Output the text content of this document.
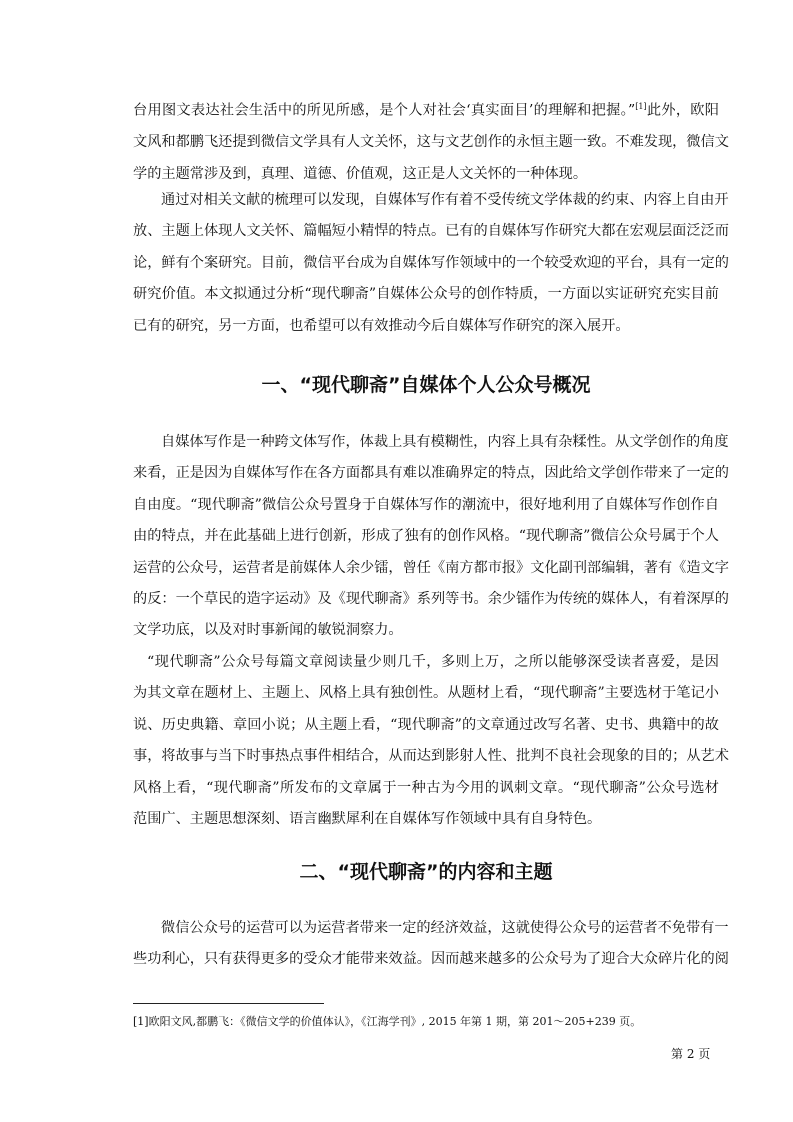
台用图文表达社会生活中的所见所感，是个人对社会‘真实面目’的理解和把握。”[1]此外，欧阳
文风和都鹏飞还提到微信文学具有人文关怀，这与文艺创作的永恒主题一致。不难发现，微信文
学的主题常涉及到，真理、道德、价值观，这正是人文关怀的一种体现。
通过对相关文献的梳理可以发现，自媒体写作有着不受传统文学体裁的约束、内容上自由开
放、主题上体现人文关怀、篇幅短小精悍的特点。已有的自媒体写作研究大都在宏观层面泛泛而
论，鲜有个案研究。目前，微信平台成为自媒体写作领域中的一个较受欢迎的平台，具有一定的
研究价值。本文拟通过分析“现代聊斋”自媒体公众号的创作特质，一方面以实证研究充实目前
已有的研究，另一方面，也希望可以有效推动今后自媒体写作研究的深入展开。
一、“现代聊斋”自媒体个人公众号概况
自媒体写作是一种跨文体写作，体裁上具有模糊性，内容上具有杂糅性。从文学创作的角度
来看，正是因为自媒体写作在各方面都具有难以准确界定的特点，因此给文学创作带来了一定的
自由度。“现代聊斋”微信公众号置身于自媒体写作的潮流中，很好地利用了自媒体写作创作自
由的特点，并在此基础上进行创新，形成了独有的创作风格。“现代聊斋”微信公众号属于个人
运营的公众号，运营者是前媒体人余少镭，曾任《南方都市报》文化副刊部编辑，著有《造文字
的反：一个草民的造字运动》及《现代聊斋》系列等书。余少镭作为传统的媒体人，有着深厚的
文学功底，以及对时事新闻的敏锐洞察力。
“现代聊斋”公众号每篇文章阅读量少则几千，多则上万，之所以能够深受读者喜爱，是因
为其文章在题材上、主题上、风格上具有独创性。从题材上看，“现代聊斋”主要选材于笔记小
说、历史典籍、章回小说；从主题上看，“现代聊斋”的文章通过改写名著、史书、典籍中的故
事，将故事与当下时事热点事件相结合，从而达到影射人性、批判不良社会现象的目的；从艺术
风格上看，“现代聊斋”所发布的文章属于一种古为今用的讽刺文章。“现代聊斋”公众号选材
范围广、主题思想深刻、语言幽默犀利在自媒体写作领域中具有自身特色。
二、“现代聊斋”的内容和主题
微信公众号的运营可以为运营者带来一定的经济效益，这就使得公众号的运营者不免带有一
些功利心，只有获得更多的受众才能带来效益。因而越来越多的公众号为了迎合大众碎片化的阅
[1]欧阳文风,都鹏飞：《微信文学的价值体认》，《江海学刊》, 2015 年第 1 期，第 201～205+239 页。
第 2 页
